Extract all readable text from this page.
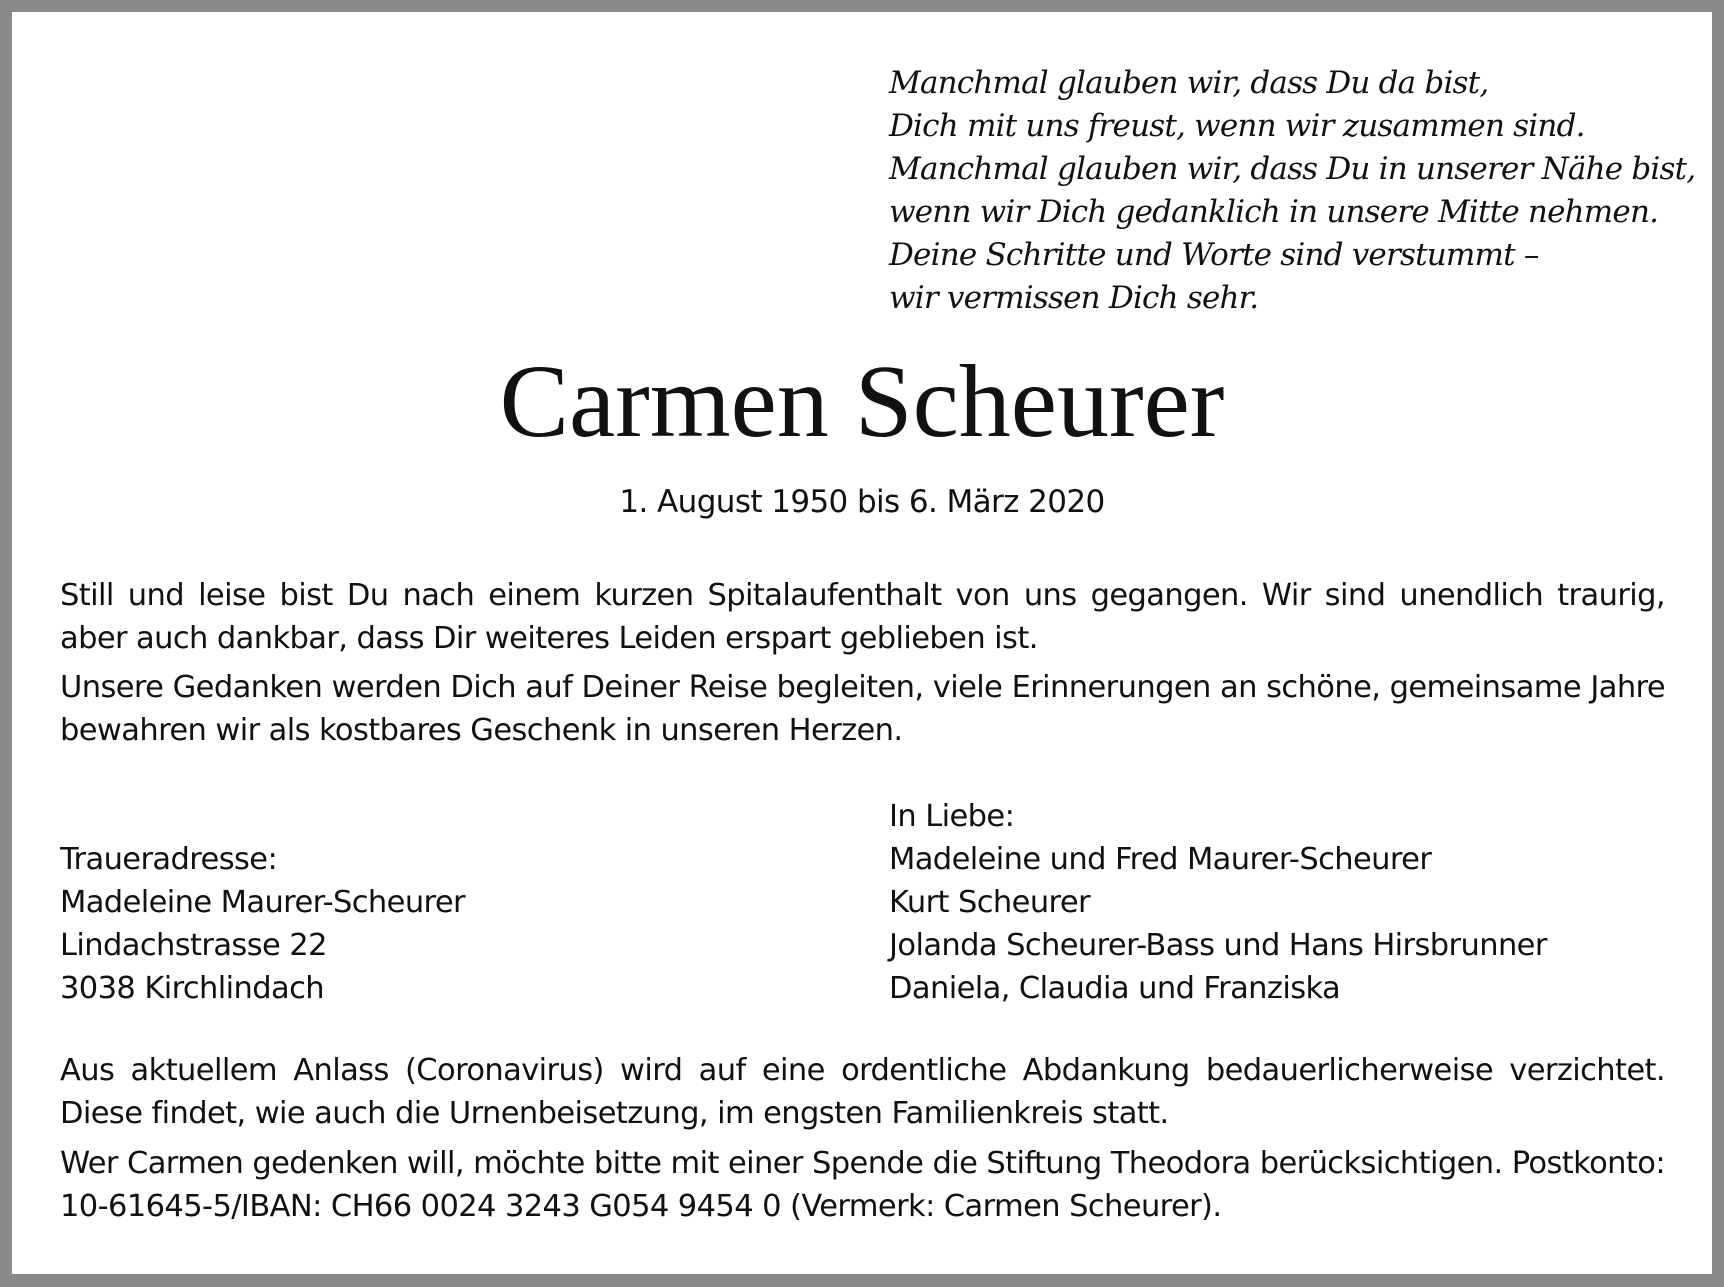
Manchmal glauben wir, dass Du da bist,
Dich mit uns freust, wenn wir zusammen sind.
Manchmal glauben wir, dass Du in unserer Nähe bist,
wenn wir Dich gedanklich in unsere Mitte nehmen.
Deine Schritte und Worte sind verstummt –
wir vermissen Dich sehr.
Carmen Scheurer
1. August 1950 bis 6. März 2020

Still und leise bist Du nach einem kurzen Spitalaufenthalt von uns gegangen. Wir sind unendlich traurig, aber auch dankbar, dass Dir weiteres Leiden erspart geblieben ist.

Unsere Gedanken werden Dich auf Deiner Reise begleiten, viele Erinnerungen an schöne, gemeinsame Jahre bewahren wir als kostbares Geschenk in unseren Herzen.

Traueradresse:
Madeleine Maurer-Scheurer
Lindachstrasse 22
3038 Kirchlindach
In Liebe:
Madeleine und Fred Maurer-Scheurer
Kurt Scheurer
Jolanda Scheurer-Bass und Hans Hirsbrunner
Daniela, Claudia und Franziska

Aus aktuellem Anlass (Coronavirus) wird auf eine ordentliche Abdankung bedauerlicherweise verzichtet. Diese findet, wie auch die Urnenbeisetzung, im engsten Familienkreis statt.

Wer Carmen gedenken will, möchte bitte mit einer Spende die Stiftung Theodora berücksichtigen. Postkonto: 10-61645-5/IBAN: CH66 0024 3243 G054 9454 0 (Vermerk: Carmen Scheurer).
